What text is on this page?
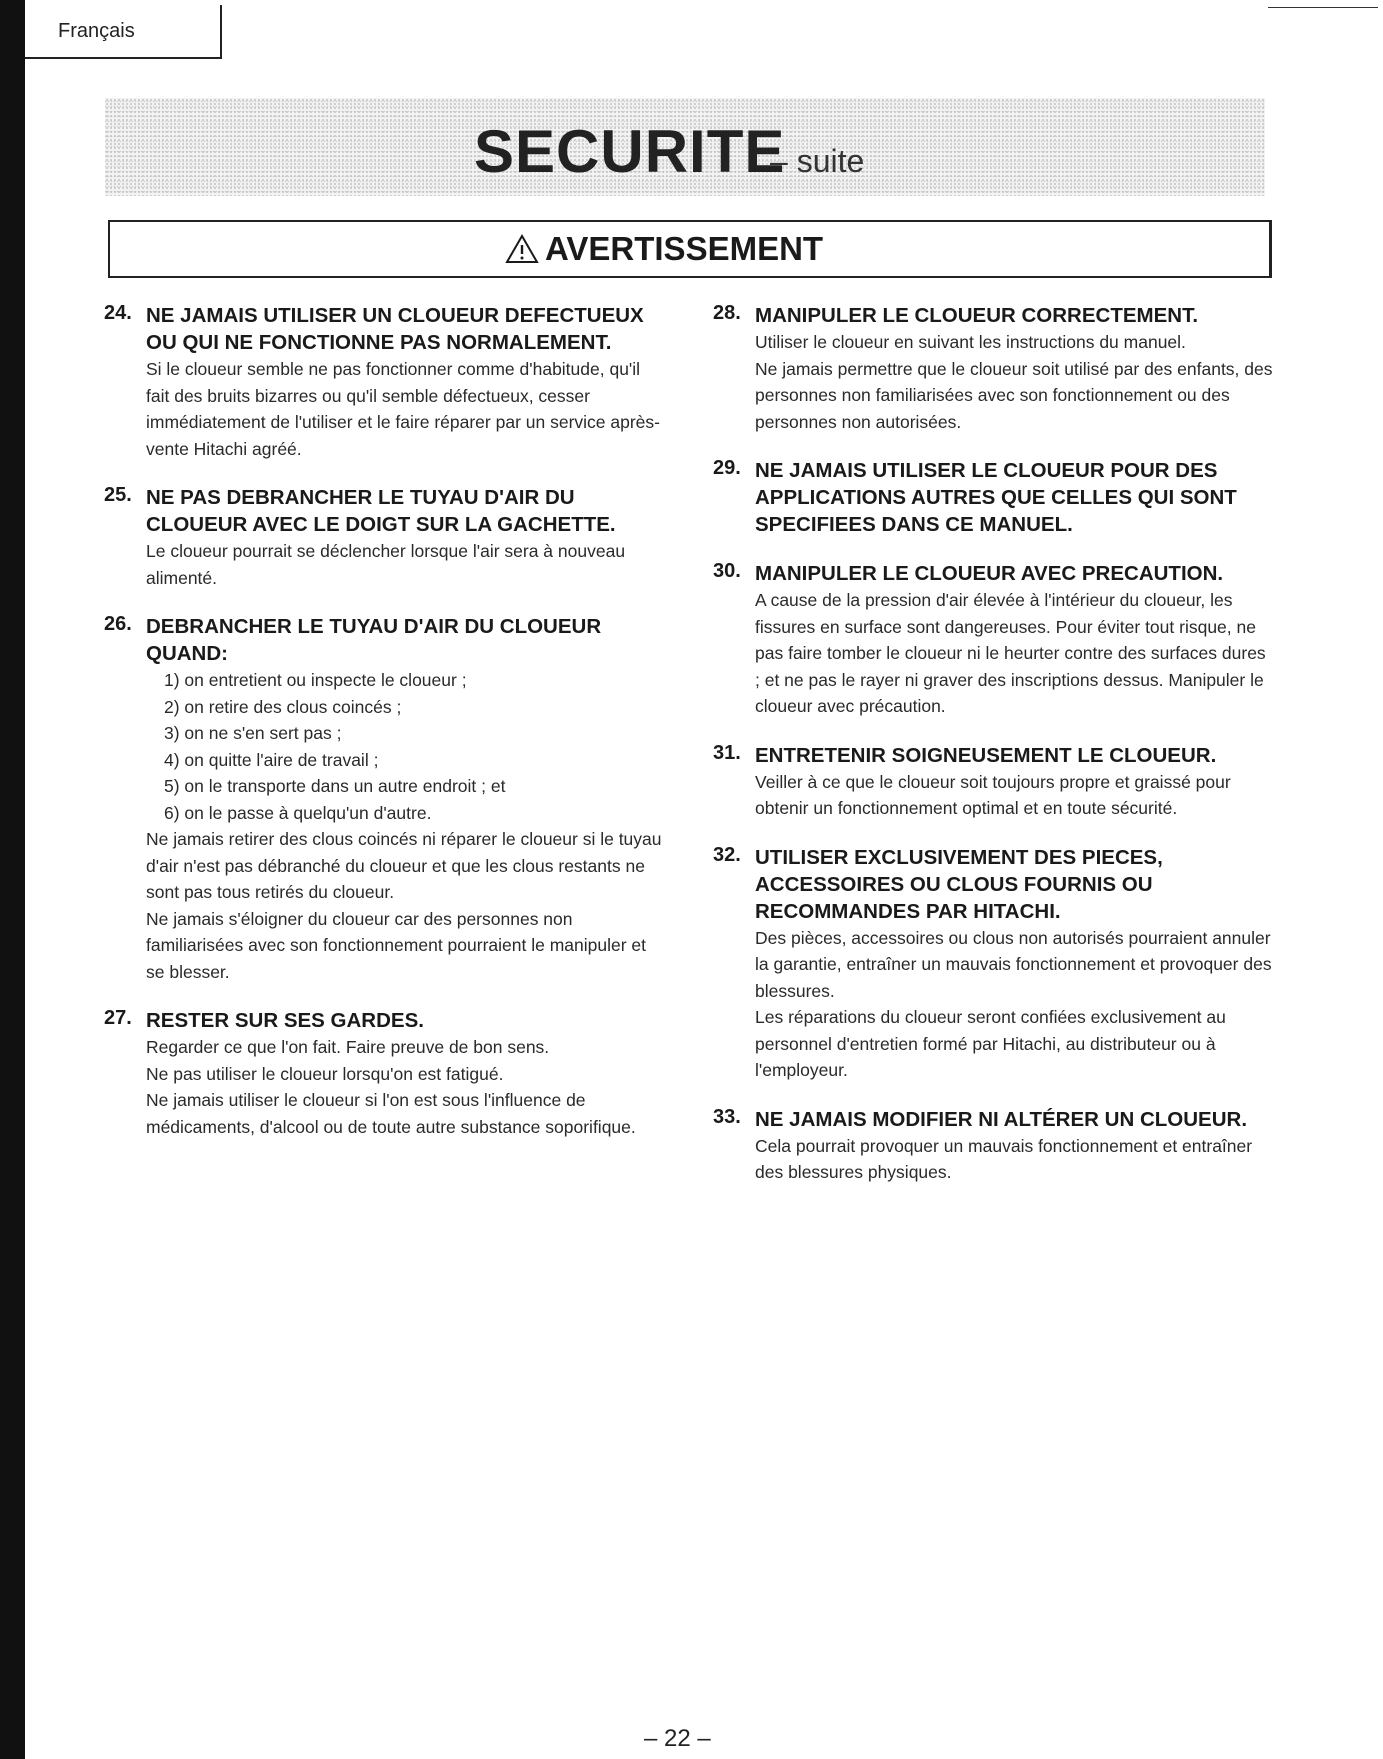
Français
SECURITE
– suite
AVERTISSEMENT
24. NE JAMAIS UTILISER UN CLOUEUR DEFECTUEUX OU QUI NE FONCTIONNE PAS NORMALEMENT.

Si le cloueur semble ne pas fonctionner comme d'habitude, qu'il fait des bruits bizarres ou qu'il semble défectueux, cesser immédiatement de l'utiliser et le faire réparer par un service après-vente Hitachi agréé.

25. NE PAS DEBRANCHER LE TUYAU D'AIR DU CLOUEUR AVEC LE DOIGT SUR LA GACHETTE.

Le cloueur pourrait se déclencher lorsque l'air sera à nouveau alimenté.

26. DEBRANCHER LE TUYAU D'AIR DU CLOUEUR QUAND:

1) on entretient ou inspecte le cloueur ;
2) on retire des clous coincés ;
3) on ne s'en sert pas ;
4) on quitte l'aire de travail ;
5) on le transporte dans un autre endroit ; et
6) on le passe à quelqu'un d'autre.

Ne jamais retirer des clous coincés ni réparer le cloueur si le tuyau d'air n'est pas débranché du cloueur et que les clous restants ne sont pas tous retirés du cloueur.

Ne jamais s'éloigner du cloueur car des personnes non familiarisées avec son fonctionnement pourraient le manipuler et se blesser.

27. RESTER SUR SES GARDES.

Regarder ce que l'on fait. Faire preuve de bon sens.

Ne pas utiliser le cloueur lorsqu'on est fatigué.

Ne jamais utiliser le cloueur si l'on est sous l'influence de médicaments, d'alcool ou de toute autre substance soporifique.

28. MANIPULER LE CLOUEUR CORRECTEMENT.

Utiliser le cloueur en suivant les instructions du manuel.

Ne jamais permettre que le cloueur soit utilisé par des enfants, des personnes non familiarisées avec son fonctionnement ou des personnes non autorisées.

29. NE JAMAIS UTILISER LE CLOUEUR POUR DES APPLICATIONS AUTRES QUE CELLES QUI SONT SPECIFIEES DANS CE MANUEL.

30. MANIPULER LE CLOUEUR AVEC PRECAUTION.

A cause de la pression d'air élevée à l'intérieur du cloueur, les fissures en surface sont dangereuses. Pour éviter tout risque, ne pas faire tomber le cloueur ni le heurter contre des surfaces dures ; et ne pas le rayer ni graver des inscriptions dessus. Manipuler le cloueur avec précaution.

31. ENTRETENIR SOIGNEUSEMENT LE CLOUEUR.

Veiller à ce que le cloueur soit toujours propre et graissé pour obtenir un fonctionnement optimal et en toute sécurité.

32. UTILISER EXCLUSIVEMENT DES PIECES, ACCESSOIRES OU CLOUS FOURNIS OU RECOMMANDES PAR HITACHI.

Des pièces, accessoires ou clous non autorisés pourraient annuler la garantie, entraîner un mauvais fonctionnement et provoquer des blessures.

Les réparations du cloueur seront confiées exclusivement au personnel d'entretien formé par Hitachi, au distributeur ou à l'employeur.

33. NE JAMAIS MODIFIER NI ALTÉRER UN CLOUEUR.

Cela pourrait provoquer un mauvais fonctionnement et entraîner des blessures physiques.

– 22 –
